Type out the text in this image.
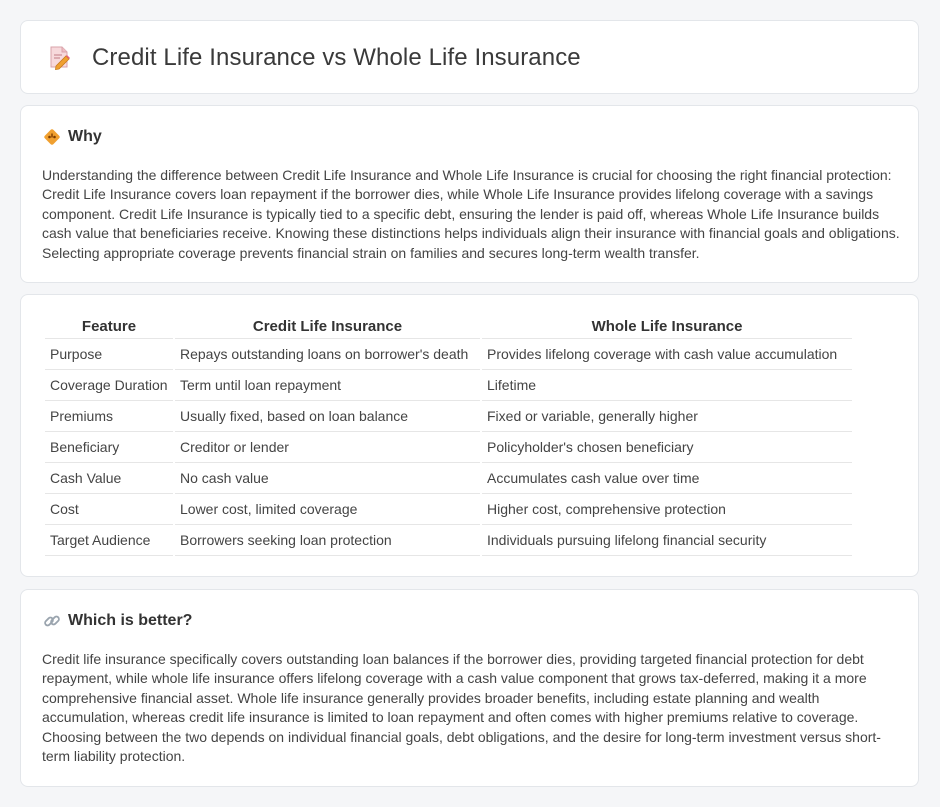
Credit Life Insurance vs Whole Life Insurance
Why

Understanding the difference between Credit Life Insurance and Whole Life Insurance is crucial for choosing the right financial protection: Credit Life Insurance covers loan repayment if the borrower dies, while Whole Life Insurance provides lifelong coverage with a savings component. Credit Life Insurance is typically tied to a specific debt, ensuring the lender is paid off, whereas Whole Life Insurance builds cash value that beneficiaries receive. Knowing these distinctions helps individuals align their insurance with financial goals and obligations. Selecting appropriate coverage prevents financial strain on families and secures long-term wealth transfer.

Feature	Credit Life Insurance	Whole Life Insurance
Purpose	Repays outstanding loans on borrower's death	Provides lifelong coverage with cash value accumulation
Coverage Duration	Term until loan repayment	Lifetime
Premiums	Usually fixed, based on loan balance	Fixed or variable, generally higher
Beneficiary	Creditor or lender	Policyholder's chosen beneficiary
Cash Value	No cash value	Accumulates cash value over time
Cost	Lower cost, limited coverage	Higher cost, comprehensive protection
Target Audience	Borrowers seeking loan protection	Individuals pursuing lifelong financial security
Which is better?

Credit life insurance specifically covers outstanding loan balances if the borrower dies, providing targeted financial protection for debt repayment, while whole life insurance offers lifelong coverage with a cash value component that grows tax-deferred, making it a more comprehensive financial asset. Whole life insurance generally provides broader benefits, including estate planning and wealth accumulation, whereas credit life insurance is limited to loan repayment and often comes with higher premiums relative to coverage. Choosing between the two depends on individual financial goals, debt obligations, and the desire for long-term investment versus short-term liability protection.
